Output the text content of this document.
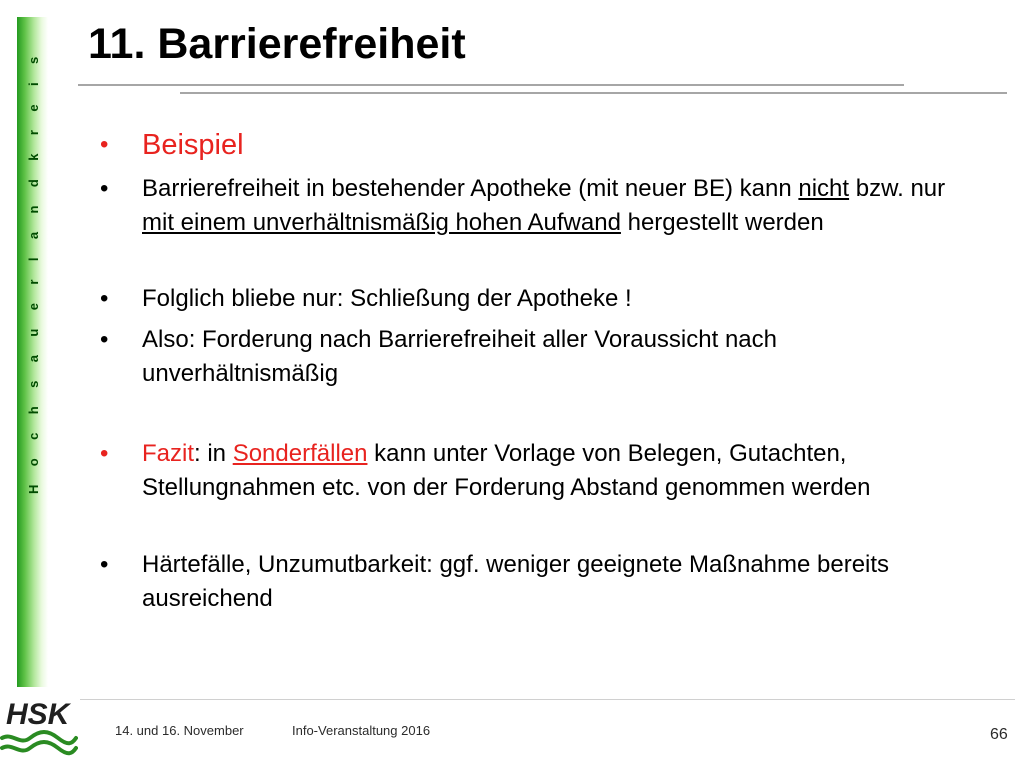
H o c h s a u e r l a n d k r e i s
11. Barrierefreiheit
•	Beispiel
•	Barrierefreiheit in bestehender Apotheke (mit neuer BE) kann nicht bzw. nur mit einem unverhältnismäßig hohen Aufwand hergestellt werden
•	Folglich bliebe nur: Schließung der Apotheke !
•	Also: Forderung nach Barrierefreiheit aller Voraussicht nach unverhältnismäßig
•	Fazit: in Sonderfällen kann unter Vorlage von Belegen, Gutachten, Stellungnahmen etc. von der Forderung Abstand genommen werden
•	Härtefälle, Unzumutbarkeit: ggf. weniger geeignete Maßnahme bereits ausreichend
HSK	14. und 16. November	Info-Veranstaltung 2016	66
